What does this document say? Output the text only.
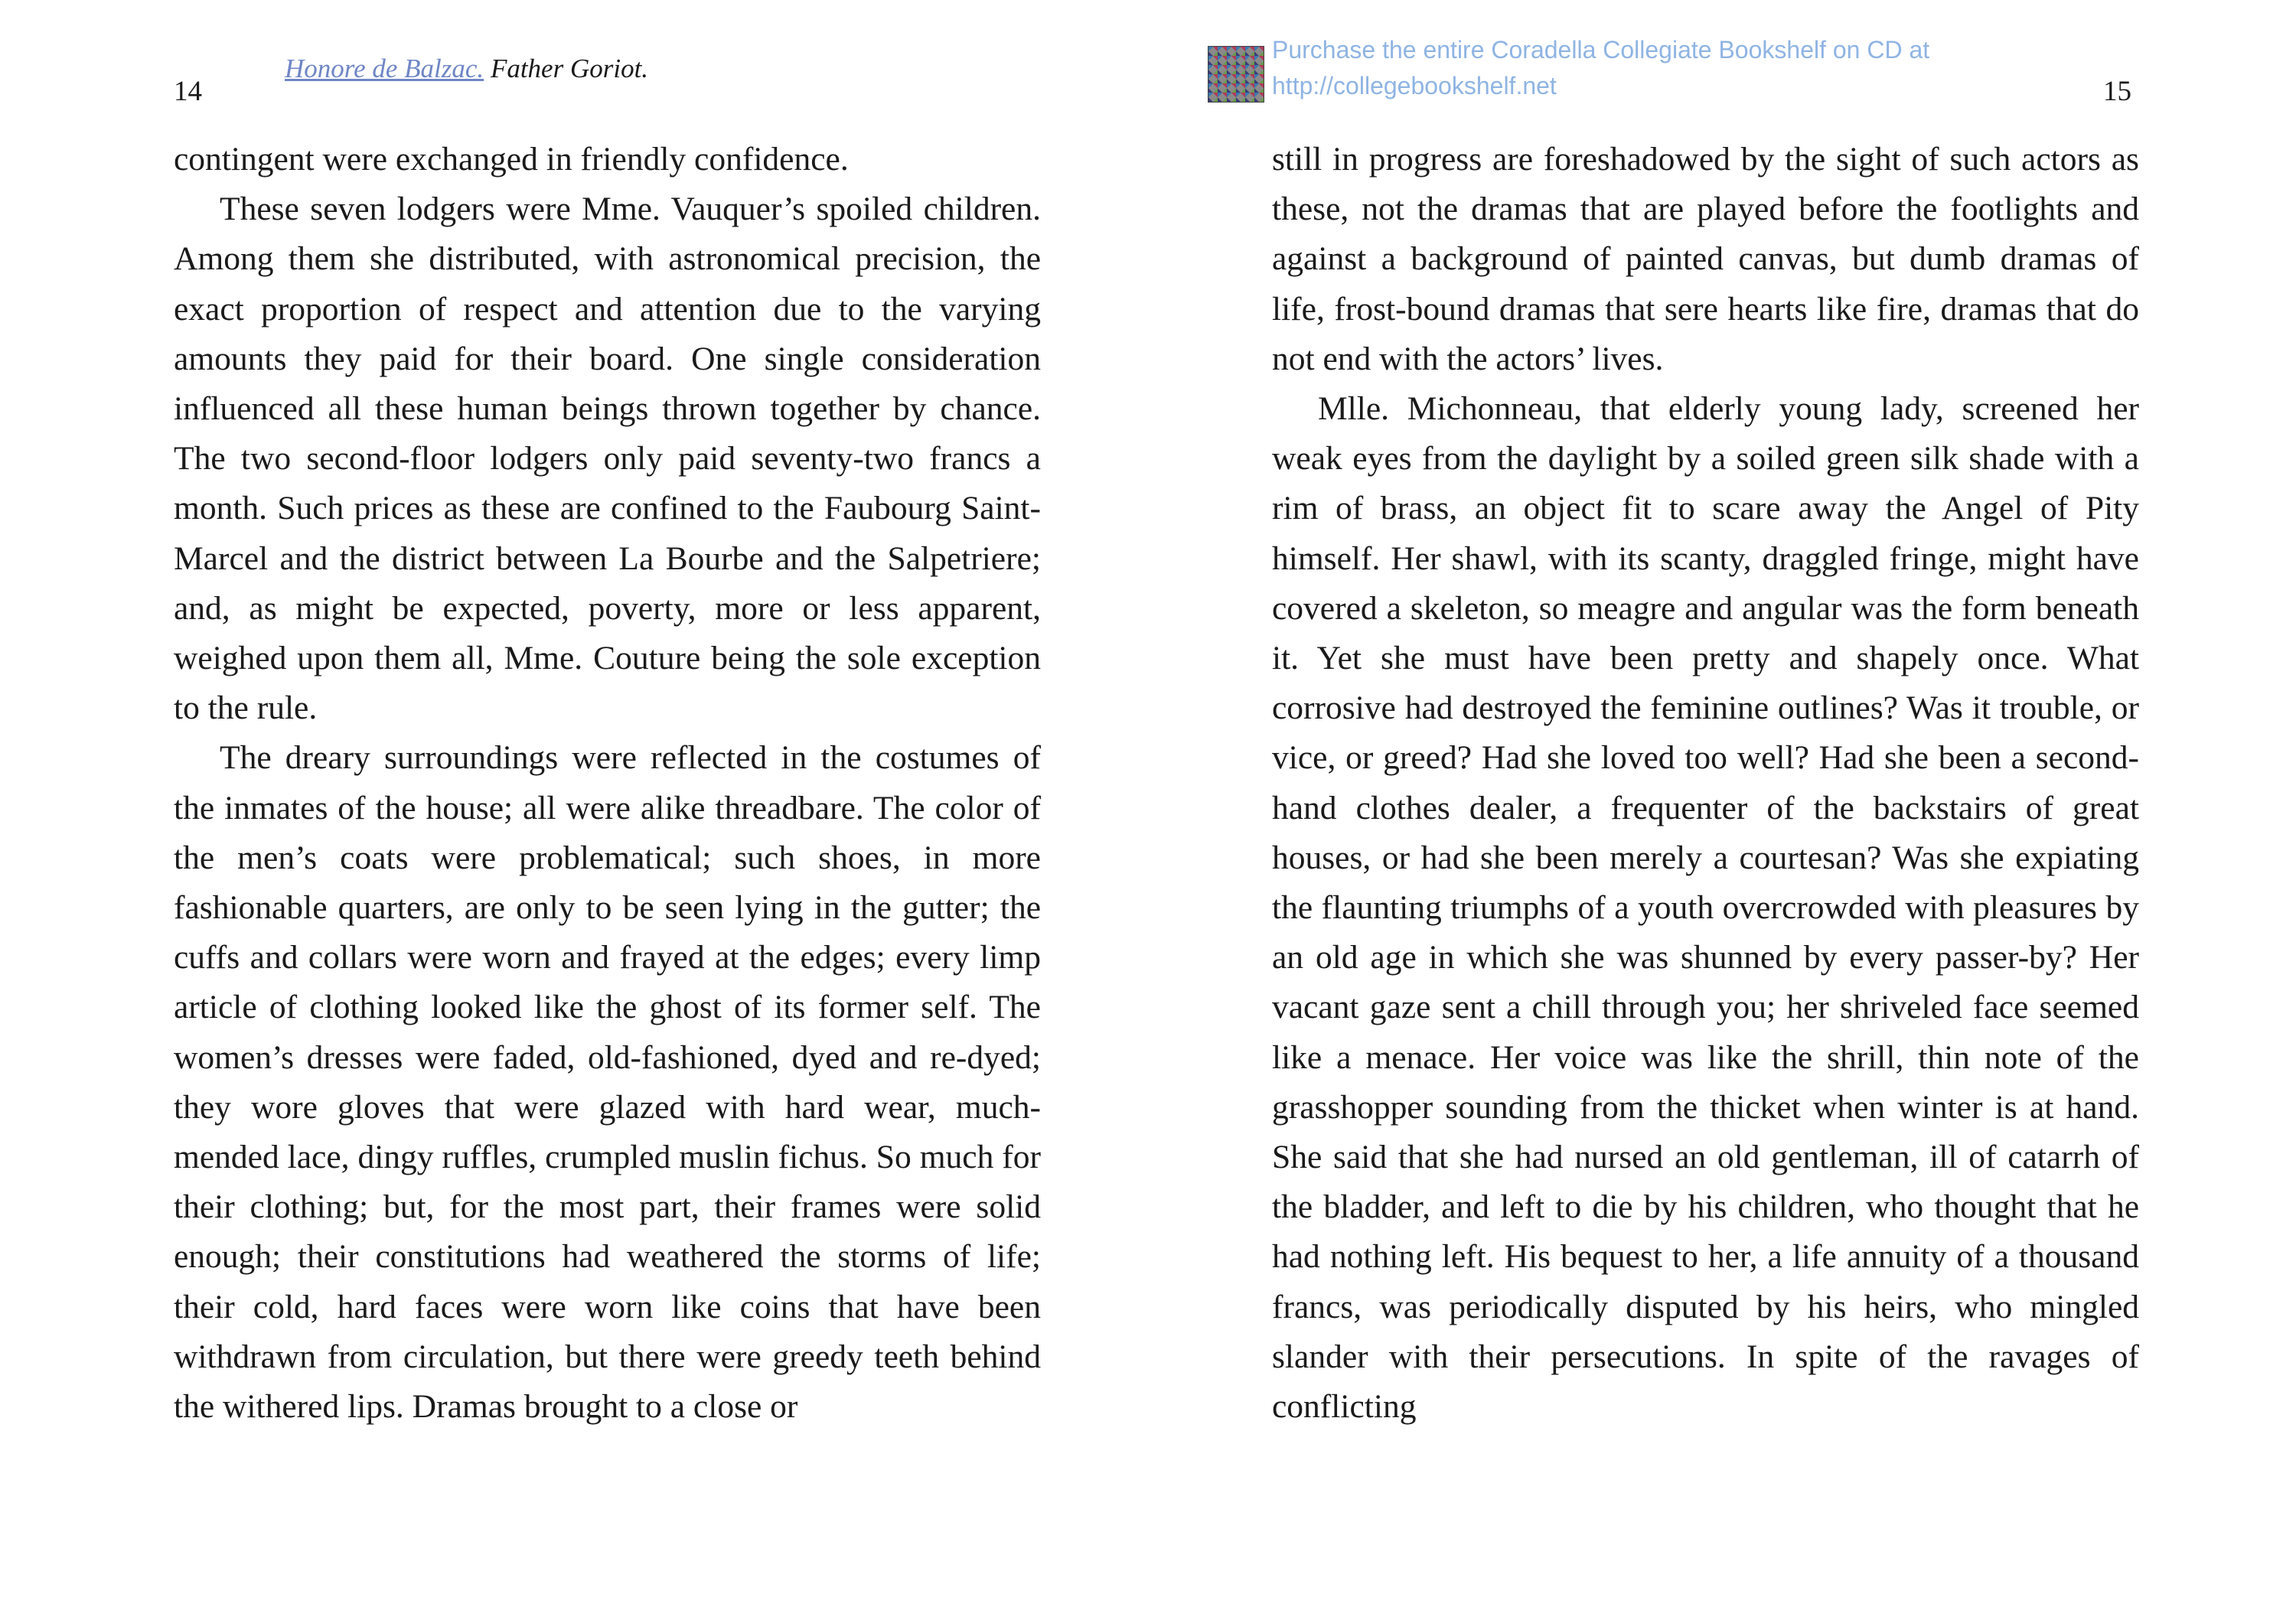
14
Honore de Balzac. Father Goriot.

contingent were exchanged in friendly confidence.

These seven lodgers were Mme. Vauquer’s spoiled children. Among them she distributed, with astronomical precision, the exact proportion of respect and attention due to the varying amounts they paid for their board. One single consideration influenced all these human beings thrown together by chance. The two second-floor lodgers only paid seventy-two francs a month. Such prices as these are confined to the Faubourg Saint-Marcel and the district between La Bourbe and the Salpetriere; and, as might be expected, poverty, more or less apparent, weighed upon them all, Mme. Couture being the sole exception to the rule.

The dreary surroundings were reflected in the costumes of the inmates of the house; all were alike threadbare. The color of the men’s coats were problematical; such shoes, in more fashionable quarters, are only to be seen lying in the gutter; the cuffs and collars were worn and frayed at the edges; every limp article of clothing looked like the ghost of its former self. The women’s dresses were faded, old-fashioned, dyed and re-dyed; they wore gloves that were glazed with hard wear, much-mended lace, dingy ruffles, crumpled muslin fichus. So much for their clothing; but, for the most part, their frames were solid enough; their constitutions had weathered the storms of life; their cold, hard faces were worn like coins that have been withdrawn from circulation, but there were greedy teeth behind the withered lips. Dramas brought to a close or

Purchase the entire Coradella Collegiate Bookshelf on CD at
http://collegebookshelf.net	15

still in progress are foreshadowed by the sight of such actors as these, not the dramas that are played before the footlights and against a background of painted canvas, but dumb dramas of life, frost-bound dramas that sere hearts like fire, dramas that do not end with the actors’ lives.

Mlle. Michonneau, that elderly young lady, screened her weak eyes from the daylight by a soiled green silk shade with a rim of brass, an object fit to scare away the Angel of Pity himself. Her shawl, with its scanty, draggled fringe, might have covered a skeleton, so meagre and angular was the form beneath it. Yet she must have been pretty and shapely once. What corrosive had destroyed the feminine outlines? Was it trouble, or vice, or greed? Had she loved too well? Had she been a second-hand clothes dealer, a frequenter of the backstairs of great houses, or had she been merely a courtesan? Was she expiating the flaunting triumphs of a youth overcrowded with pleasures by an old age in which she was shunned by every passer-by? Her vacant gaze sent a chill through you; her shriveled face seemed like a menace. Her voice was like the shrill, thin note of the grasshopper sounding from the thicket when winter is at hand. She said that she had nursed an old gentleman, ill of catarrh of the bladder, and left to die by his children, who thought that he had nothing left. His bequest to her, a life annuity of a thousand francs, was periodically disputed by his heirs, who mingled slander with their persecutions. In spite of the ravages of conflicting
